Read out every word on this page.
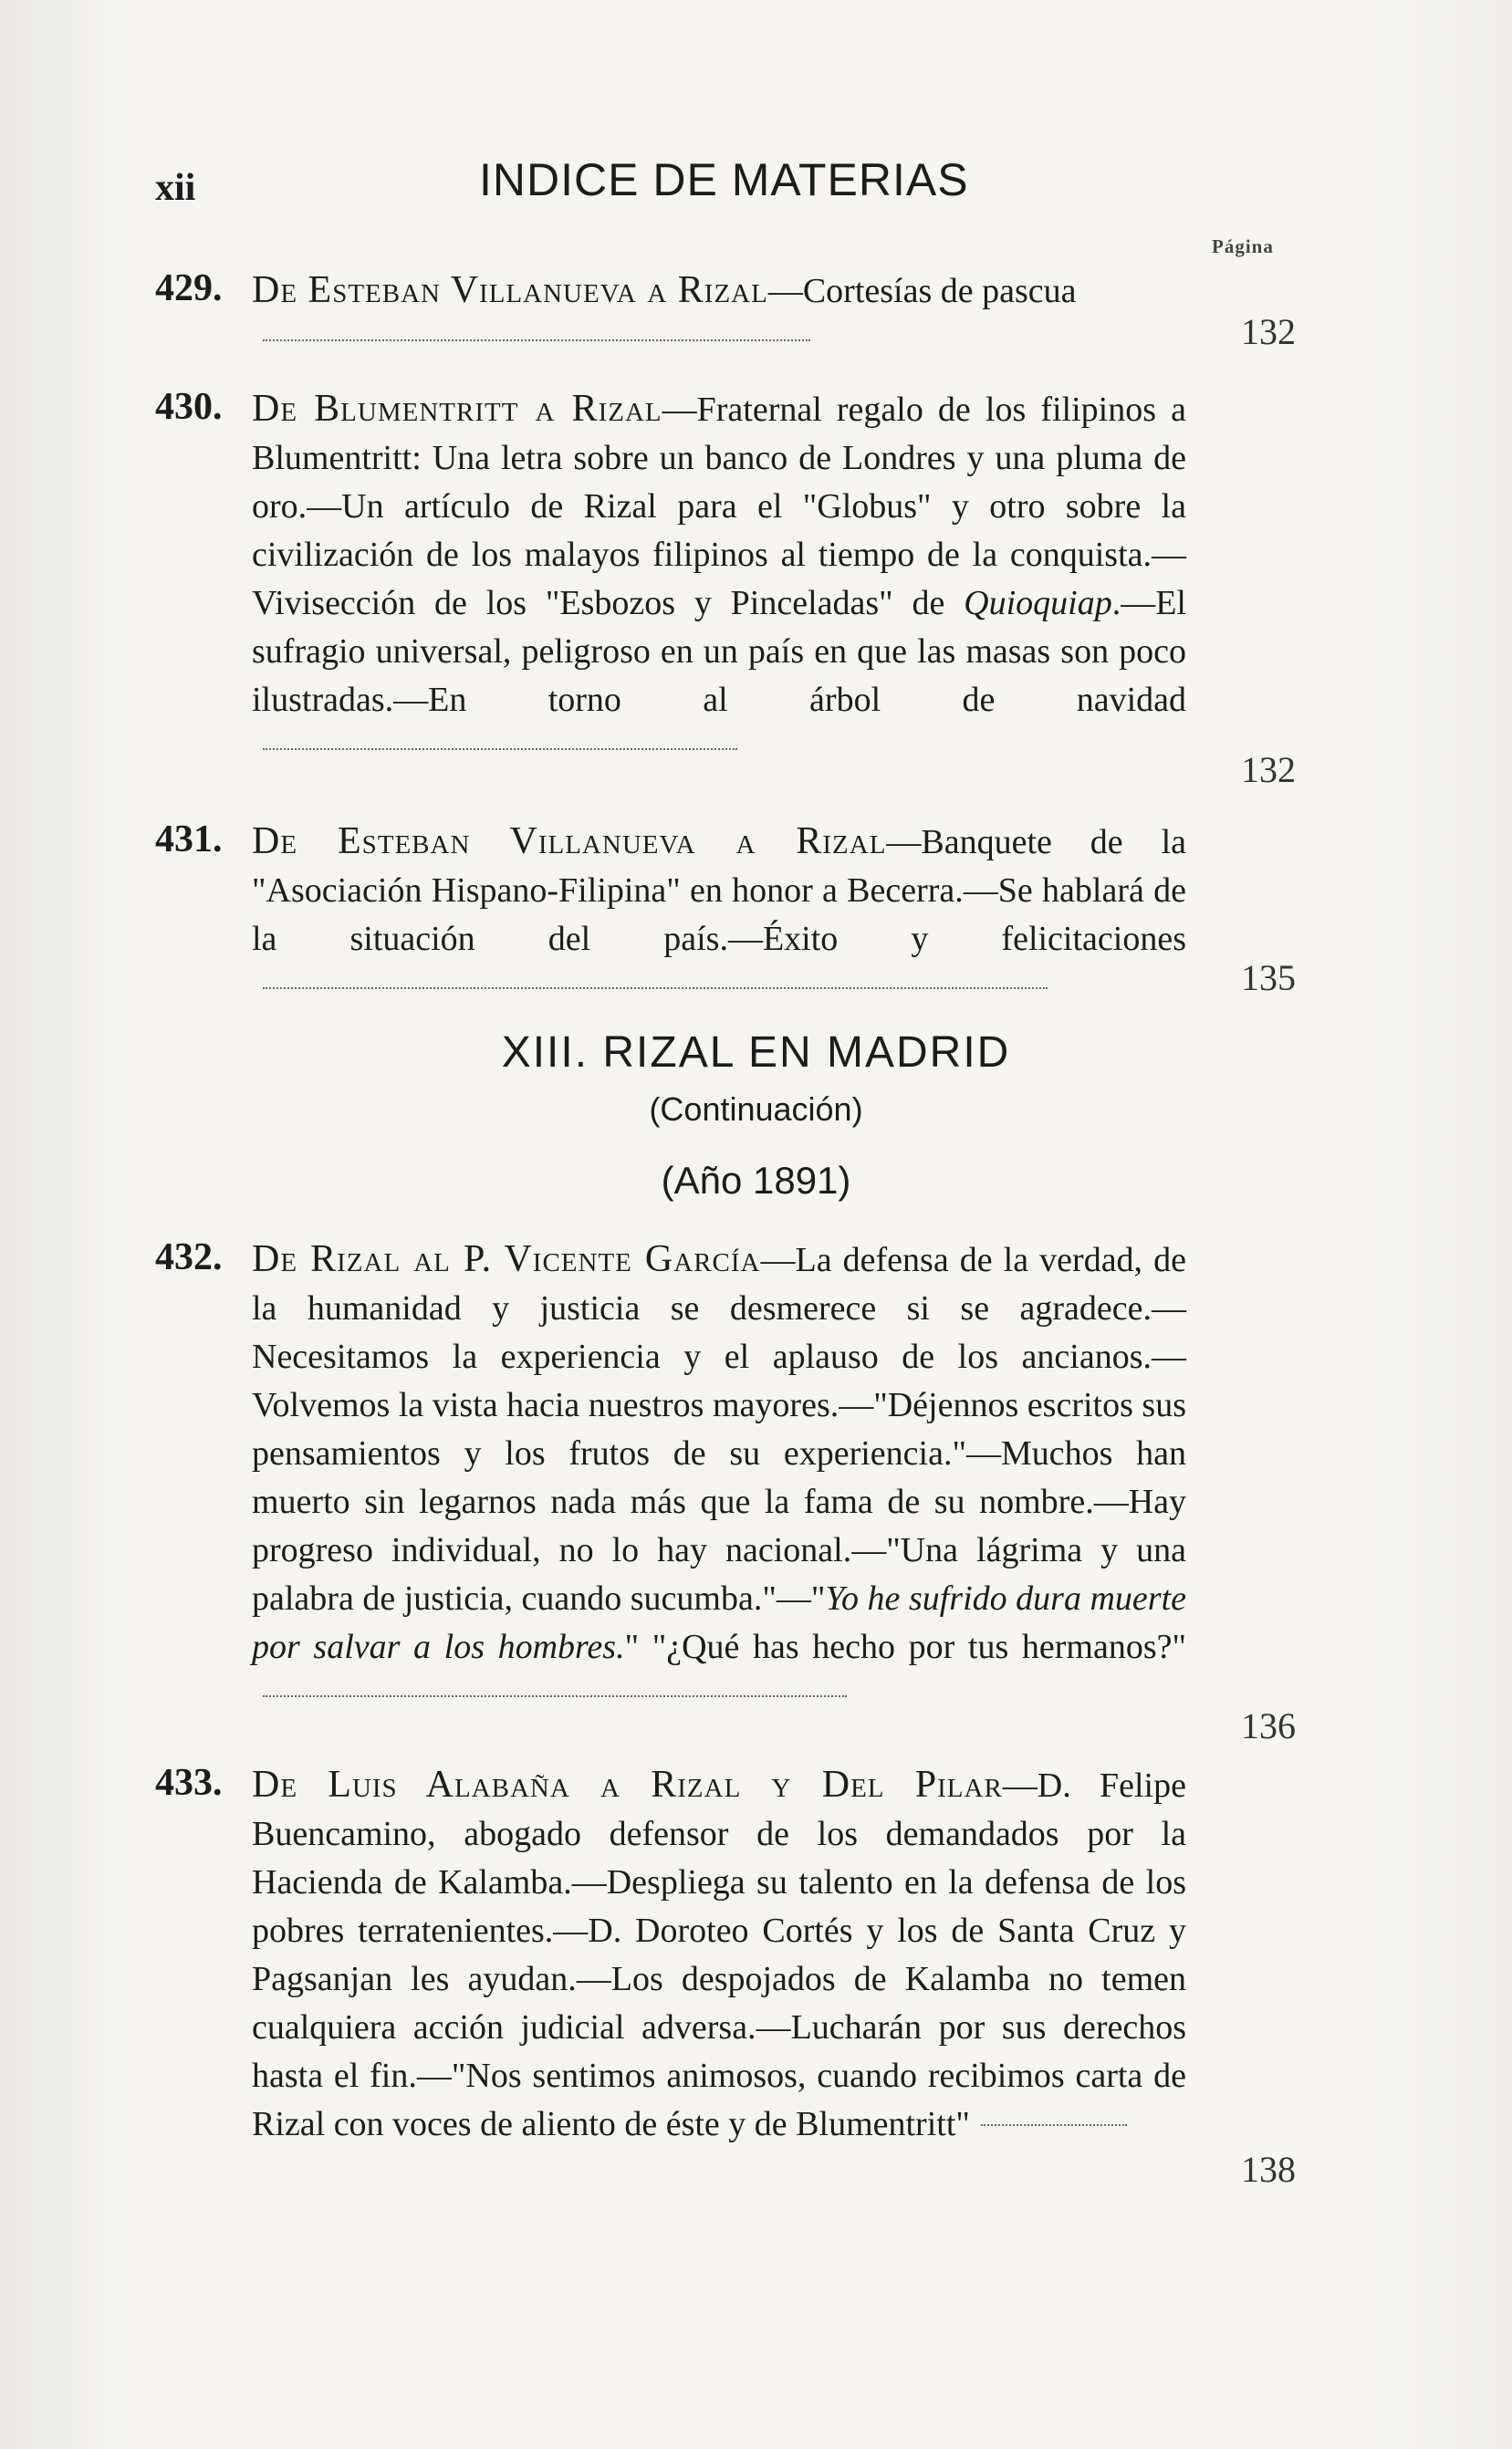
xii	INDICE DE MATERIAS
Página
429. De Esteban Villanueva a Rizal—Cortesías de pascua
132
430. De Blumentritt a Rizal—Fraternal regalo de los filipinos a Blumentritt: Una letra sobre un banco de Londres y una pluma de oro.—Un artículo de Rizal para el "Globus" y otro sobre la civilización de los malayos filipinos al tiempo de la conquista.—Vivisección de los "Esbozos y Pinceladas" de Quioquiap.—El sufragio universal, peligroso en un país en que las masas son poco ilustradas.—En torno al árbol de navidad
132
431. De Esteban Villanueva a Rizal—Banquete de la "Asociación Hispano-Filipina" en honor a Becerra.—Se hablará de la situación del país.—Éxito y felicitaciones
135
XIII. RIZAL EN MADRID
(Continuación)
(Año 1891)
432. De Rizal al P. Vicente García—La defensa de la verdad, de la humanidad y justicia se desmerece si se agradece.—Necesitamos la experiencia y el aplauso de los ancianos.—Volvemos la vista hacia nuestros mayores.—"Déjennos escritos sus pensamientos y los frutos de su experiencia."—Muchos han muerto sin legarnos nada más que la fama de su nombre.—Hay progreso individual, no lo hay nacional.—"Una lágrima y una palabra de justicia, cuando sucumba."—"Yo he sufrido dura muerte por salvar a los hombres." "¿Qué has hecho por tus hermanos?"
136
433. De Luis Alabaña a Rizal y Del Pilar—D. Felipe Buencamino, abogado defensor de los demandados por la Hacienda de Kalamba.—Despliega su talento en la defensa de los pobres terratenientes.—D. Doroteo Cortés y los de Santa Cruz y Pagsanjan les ayudan.—Los despojados de Kalamba no temen cualquiera acción judicial adversa.—Lucharán por sus derechos hasta el fin.—"Nos sentimos animosos, cuando recibimos carta de Rizal con voces de aliento de éste y de Blumentritt"
138
